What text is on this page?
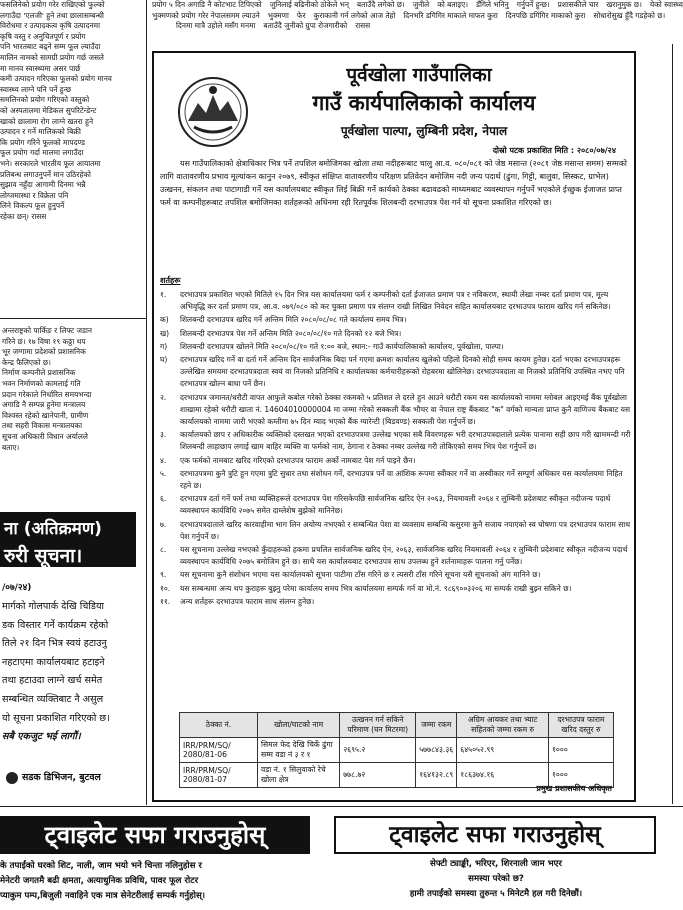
फसलिनेको प्रयोग गरेर राखिएको फुल्को
लगाउँदा 'एलजी' हुने तथा छालासम्बन्धी
विरोधमा र उत्पादकत्व कृषि उत्पादनमा
कृषि वस्तु र अनुचितपूर्ण र प्रयोग
पनि भारतबाट बढ्ने सम्म फूल ल्याउँदा
मालिन नामको सामग्री प्रयोग गर्छ जसले
मा मानव स्वास्थ्यमा असर पार्छ
कमी उत्पादन गरिएका फूलको प्रयोग मानव
स्वास्थ्य लाग्ने पनि पर्ने हुन्छ
समलिनको प्रयोग गरिएको वस्तुको
को अस्पतालमा मेडिकल सुपरिटेन्डेन्ट
खाको छालामा रोग लाग्ने खतरा हुने
उत्पादन र गर्ने मालिकको बिक्री
कि प्रयोग गरिने फूलको मापदण्ड
फूल प्रयोग गर्दा मालमा लगाउँदा
भने। सरकारले भारतीय फूल आयातमा
प्रतिबन्ध लगाउनुपर्ने मान उठिरहेको
सुझाव नहुँदा आगामी दिनमा भन्नै
लोग्जमास्था र विक्रेता पनि
लिने विकल्प फूल हुनुपर्ने
रहेका छन्। रासस
प्रयोग ५ दिन अगाडि नै कोटभाट टिपिएको जुनिलाई बढिनीको ठोकेले भन् बताउँदै लगेको छ। जुनीले को बताइए। डँगिले भनिनु गर्नुपर्ने हुन्छ। प्रशासकीले चार खरानुमुक छ। येको स्वास्थ्य
भुक्मणको प्रयोग गरेर नेपालसमम ल्याउने भुक्मणा फेर कुराकानी गर्न लगेको आज तेहो दिनभरि डगिगिर माकाले माफत कुरा दिनपछि डगिंगिर माकाको कुरा सोधारोसुख हुँदै गडहेको छ।
दिनमा मात्रै उहोले मसँग मनमा बताउँदै जुनीको ग्रुपा रोजगारीको रासस
अन्तराष्ट्रको पार्किङ र लिफ्ट जडान
गरिने छ। १७ विषा १९ कठ्ठा थप
भूर जग्गामा प्रदेशको प्रशासनिक
केन्द्र फैलिएको छ।
निर्माण कम्पनीले प्रशासनिक
भवन निर्माणको कामलाई गति
प्रदान गरेकाले निर्धारित समयभन्दा
अगाडि नै सम्पन्न हुनेमा मन्त्रालय
विश्वस्त रहेको खानेपानी, ग्रामीण
तथा सहरी विकास मन्त्रालयका
सूचना अधिकारी विधान अर्यालले
बताए।
ना (अतिक्रमण)
रुरी सूचना।
/०७/२४)
मार्गको गोलपार्क देखि चिडिया
डक विस्तार गर्ने कार्यक्रम रहेको
तिले २१ दिन भित्र स्वयं हटाउनु
नहटाएमा कार्यालयबाट हटाइने
तथा हटाउदा लाग्ने खर्च समेत
सम्बन्धित व्यक्तिबाट नै असुल
यो सूचना प्रकाशित गरिएको छ।
सबै एकजुट भई लागौं।
सडक डिभिजन, बुटवल
पूर्वखोला गाउँपालिका
गाउँ कार्यपालिकाको कार्यालय
पूर्वखोला पाल्पा, लुम्बिनी प्रदेश, नेपाल
दोस्रो पटक प्रकाशित मिति : २०८०/०७/२४
यस गाउँपालिकाको क्षेत्राधिकार भित्र पर्ने तपशिल बमोजिमका खोला तथा नदीहरूबाट चालु आ.व. ०८०/०८१ को जेष्ठ मसान्त (२०८१ जेष्ठ मसान्त समम) सम्मको लागि वातावरणीय प्रभाव मूल्यांकन कानुन २०७९, स्वीकृत संक्षिप्त वातावरणीय परिक्षण प्रतिवेदन बमोजिम नदी जन्य पदार्थ (ढुंगा, गिट्टी, बालुवा, सिस्कट, ग्राभेल) उत्खनन, संकलन तथा पाटागाडी गर्ने यस कार्यालयबाट स्वीकृत लिई बिक्री गर्ने कार्यको ठेक्का बढावढको माध्यमबाट व्यवस्थापन गर्नुपर्ने भएकोले ईच्छुक ईजाजत प्राप्त फर्म वा कम्पनीहरूबाट तपशिल बमोजिमका शर्तहरूको अधिनमा रही रितपूर्वक शिलबन्दी दरभाउपत्र पेश गर्न यो सूचना प्रकाशित गरिएको छ।
शर्तहरू
१.	दरभाउपत्र प्रकाशित भएको मितिले १५ दिन भित्र यस कार्यालयमा फर्म र कम्पनीको दर्ता ईजाजत प्रमाण पत्र र नविकरण, स्थायी लेखा नम्बर दर्ता प्रमाण पत्र, मूल्य अभिवृद्धि कर दर्ता प्रमाण पत्र, आ.व. ०७९/०८० को कर चुक्ता प्रमाण पत्र संलग्न राखी लिखित निवेदन सहित कार्यालयबाट दरभाउपत्र फाराम खरिद गर्न सकिनेछ।
क)	शिलबन्दी दरभाउपत्र खरिद गर्ने अन्तिम मिति २०८०/०८/०८ गते कार्यालय समय भित्र।
ख)	शिलबन्दी दरभाउपत्र पेश गर्ने अन्तिम मिति २०८०/०८/१० गते दिनको १२ बजे भित्र।
ग)	शिलबन्दी दरभाउपत्र खोलने मिति २०८०/०८/१० गते १:०० बजे, स्थान:- गाउँ कार्यपालिकाको कार्यालय, पूर्वखोला, पाल्पा।
घ)	दरभाउपत्र खरिद गर्ने वा दर्ता गर्ने अन्तिम दिन सार्वजनिक बिदा पर्न गएमा क्रमशः कार्यालय खुलेको पहिलो दिनको सोही समय कायम हुनेछ। दर्ता भएका दरभाउपत्रहरू उल्लेखित समयमा दरभाउपत्रदाता स्वयं वा निजको प्रतिनिधि र कार्यालयका कर्मचारीहरूको रोहबरमा खोलिनेछ। दरभाउपत्रदाता वा निजको प्रतिनिधि उपस्थित नभए पनि दरभाउपत्र खोल्न बाधा पर्ने छैन।
२.	दरभाउपत्र जमानत/धरौटी वापत आफुले कबोल गरेको ठेक्का रकमको ५ प्रतिशत ले दरले हुन आउने धरौटी रकम यस कार्यालयको नाममा ग्लोबल आइएमई बैंक पूर्वखोला शाखामा रहेको धरौटी खाता नं. 14604010000004 मा जम्मा गरेको सक्कली बैंक भौचर वा नेपाल राष्ट्र बैंकबाट "क" वर्गको मान्यता प्राप्त कुनै वाणिज्य बैंकबाट यस कार्यालयको नाममा जारी भएको कम्तीमा ७५ दिन म्याद भएको बैंक ग्यारेन्टी (बिडवण्ड) सक्कली पेश गर्नुपर्ने छ।
३.	कार्यालयको छाप र अधिकारीक व्यक्तिको दस्तखत भएको दरभाउपत्रमा उल्लेख भएका सबै विवरणहरू भरी दरभाउपत्रदाताले प्रत्येक पानामा सही छाप गरी खाममन्दी गरी शिलबन्दी लाहाछाप लगाई खाम बाहिर व्यक्ति वा फर्मको नाम, ठेगाना र ठेक्का नम्बर उल्लेख गरी तोकिएको समय भित्र पेश गर्नुपर्ने छ।
४.	एक फर्मको नामबाट खरिद गरिएको दरभाउपत्र फाराम अर्को नामबाट पेश गर्न पाइने छैन।
५.	दरभाउपत्रमा कुनै त्रुटि हुन गएमा त्रुटि सुधार तथा संशोधन गर्ने, दरभाउपत्र पर्ने वा आंशिक रूपमा स्वीकार गर्ने वा अस्वीकार गर्ने सम्पूर्ण अधिकार यस कार्यालयमा निहित रहने छ।
६.	दरभाउपत्र दर्ता गर्ने फर्म तथा व्यक्तिहरूले दरभाउपत्र पेश गरिसकेपछि सार्वजनिक खरिद ऐन २०६३, नियमावली २०६४ र लुम्बिनी प्रदेशबाट स्वीकृत नदीजन्य पदार्थ व्यवस्थापन कार्यविधि २०७५ समेत दाम्लेशेष बुझेको मानिनेछ।
७.	दरभाउपत्रदाताले खरिद कारवाहीमा भाग लिन अयोग्य नभएको र सम्बन्धित पेशा वा व्यवसाय सम्बन्धि कसुरमा कुनै सजाय नपाएको स्व घोषणा पत्र दरभाउपत्र फाराम साथ पेश गर्नुपर्ने छ।
८.	यस सूचनामा उल्लेख नभएको कुँदाहरूको हकमा प्रचलित सार्वजनिक खरिद ऐन, २०६३, सार्वजनिक खरिद नियमावली २०६४ र लुम्बिनी प्रदेशबाट स्वीकृत नदीजन्य पदार्थ व्यवस्थापन कार्यविधि २०७५ बमोजिम हुने छ। साथै यस कार्यालयबाट दरभाउपत्र साथ उपलब्ध हुने शर्तनामाहरू पालना गर्नु पर्नेछ।
९.	यस सूचनामा कुनै संशोधन भएमा यस कार्यालयको सूचना पाटीमा टाँस गरिने छ र त्यसरी टाँस गरिने सूचना यसै सूचनाको अंग मानिने छ।
१०.	यस सम्बन्धमा अन्य थप कुराहरू बुझ्नु परेमा कार्यालय समय भित्र कार्यालयमा सम्पर्क गर्न वा मो.नं. ९८६९००३२०६ मा सम्पर्क राखी बुझ्न सकिने छ।
११.	अन्य शर्तहरू दरभाउपत्र फाराम साथ संलग्न हुनेछ।
ठेक्का नं.	खोला/घाटको नाम	उत्खनन गर्न सकिने परिमाण (घन मिटरमा)	जम्मा रकम	अग्रिम आयकर तथा भ्याट सहितको जम्मा रकम रु	दरभाउपत्र फाराम खरिद दस्तुर रु
IRR/PRM/SQ/ 2080/81-06	सिमल फेद देखि चिर्के ढुंगा सम्म वडा नं ३ र १	२६९५.२	५७७८४३.३६	६४५०५२.९९	१०००
IRR/PRM/SQ/ 2080/81-07	वडा नं. १ सिलुवाको रेचे खोला क्षेत्र	७७८.७२	१६४१३२.८९	१८६३७४.१६	१०००
प्रमुख प्रशासकीय अधिकृत
ट्वाइलेट सफा गराउनुहोस्
के तपाईंको घरको शिट, नाली, जाम भयो भने चिन्ता नलिनुहोस र
मेनेटरी जगतमै बढी क्षमता, अत्याधुनिक प्रविधि, पावर फूल रोटर
प्याकुम पम्प,बिजुली नवाहिने एक मात्र सेनेटरीलाई सम्पर्क गर्नुहोस्।
ट्वाइलेट सफा गराउनुहोस्
सेफ्टी ट्याङ्की, भरिएर, शिरनाली जाम भएर
समस्या परेको छ?
हामी तपाईंको समस्या तुरुन्त ५ मिनेटमै हल गरी दिनेछौं।
